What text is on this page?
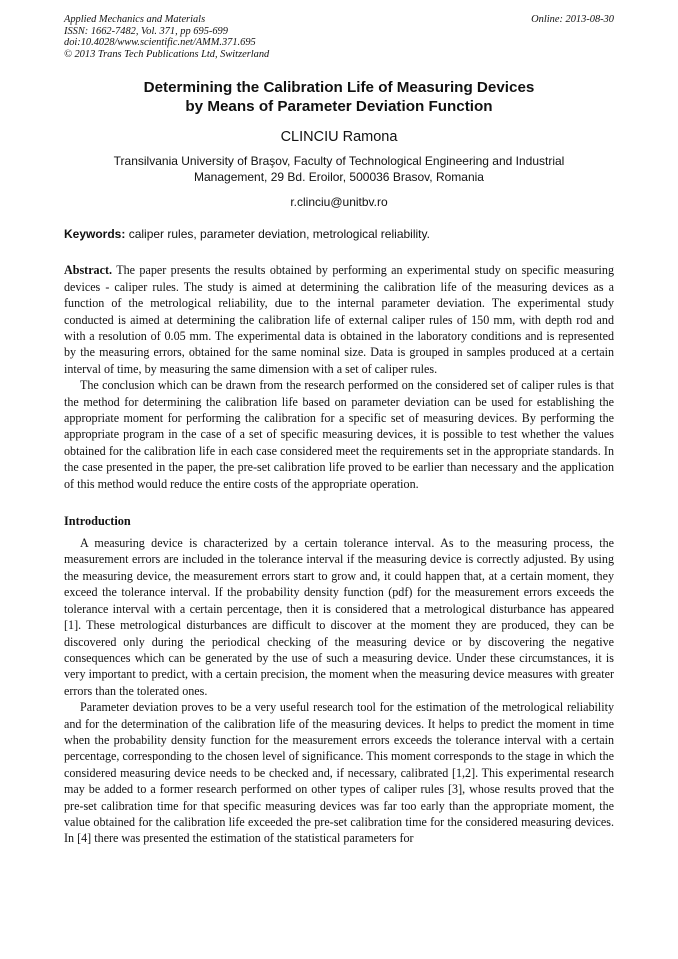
Applied Mechanics and Materials
ISSN: 1662-7482, Vol. 371, pp 695-699
doi:10.4028/www.scientific.net/AMM.371.695
© 2013 Trans Tech Publications Ltd, Switzerland
Online: 2013-08-30
Determining the Calibration Life of Measuring Devices
by Means of Parameter Deviation Function
CLINCIU Ramona
Transilvania University of Braşov, Faculty of Technological Engineering and Industrial Management, 29 Bd. Eroilor, 500036 Brasov, Romania
r.clinciu@unitbv.ro
Keywords: caliper rules, parameter deviation, metrological reliability.

Abstract. The paper presents the results obtained by performing an experimental study on specific measuring devices - caliper rules. The study is aimed at determining the calibration life of the measuring devices as a function of the metrological reliability, due to the internal parameter deviation. The experimental study conducted is aimed at determining the calibration life of external caliper rules of 150 mm, with depth rod and with a resolution of 0.05 mm. The experimental data is obtained in the laboratory conditions and is represented by the measuring errors, obtained for the same nominal size. Data is grouped in samples produced at a certain interval of time, by measuring the same dimension with a set of caliper rules.

The conclusion which can be drawn from the research performed on the considered set of caliper rules is that the method for determining the calibration life based on parameter deviation can be used for establishing the appropriate moment for performing the calibration for a specific set of measuring devices. By performing the appropriate program in the case of a set of specific measuring devices, it is possible to test whether the values obtained for the calibration life in each case considered meet the requirements set in the appropriate standards. In the case presented in the paper, the pre-set calibration life proved to be earlier than necessary and the application of this method would reduce the entire costs of the appropriate operation.

Introduction

A measuring device is characterized by a certain tolerance interval. As to the measuring process, the measurement errors are included in the tolerance interval if the measuring device is correctly adjusted. By using the measuring device, the measurement errors start to grow and, it could happen that, at a certain moment, they exceed the tolerance interval. If the probability density function (pdf) for the measurement errors exceeds the tolerance interval with a certain percentage, then it is considered that a metrological disturbance has appeared [1]. These metrological disturbances are difficult to discover at the moment they are produced, they can be discovered only during the periodical checking of the measuring device or by discovering the negative consequences which can be generated by the use of such a measuring device. Under these circumstances, it is very important to predict, with a certain precision, the moment when the measuring device measures with greater errors than the tolerated ones.

Parameter deviation proves to be a very useful research tool for the estimation of the metrological reliability and for the determination of the calibration life of the measuring devices. It helps to predict the moment in time when the probability density function for the measurement errors exceeds the tolerance interval with a certain percentage, corresponding to the chosen level of significance. This moment corresponds to the stage in which the considered measuring device needs to be checked and, if necessary, calibrated [1,2]. This experimental research may be added to a former research performed on other types of caliper rules [3], whose results proved that the pre-set calibration time for that specific measuring devices was far too early than the appropriate moment, the value obtained for the calibration life exceeded the pre-set calibration time for the considered measuring devices. In [4] there was presented the estimation of the statistical parameters for
